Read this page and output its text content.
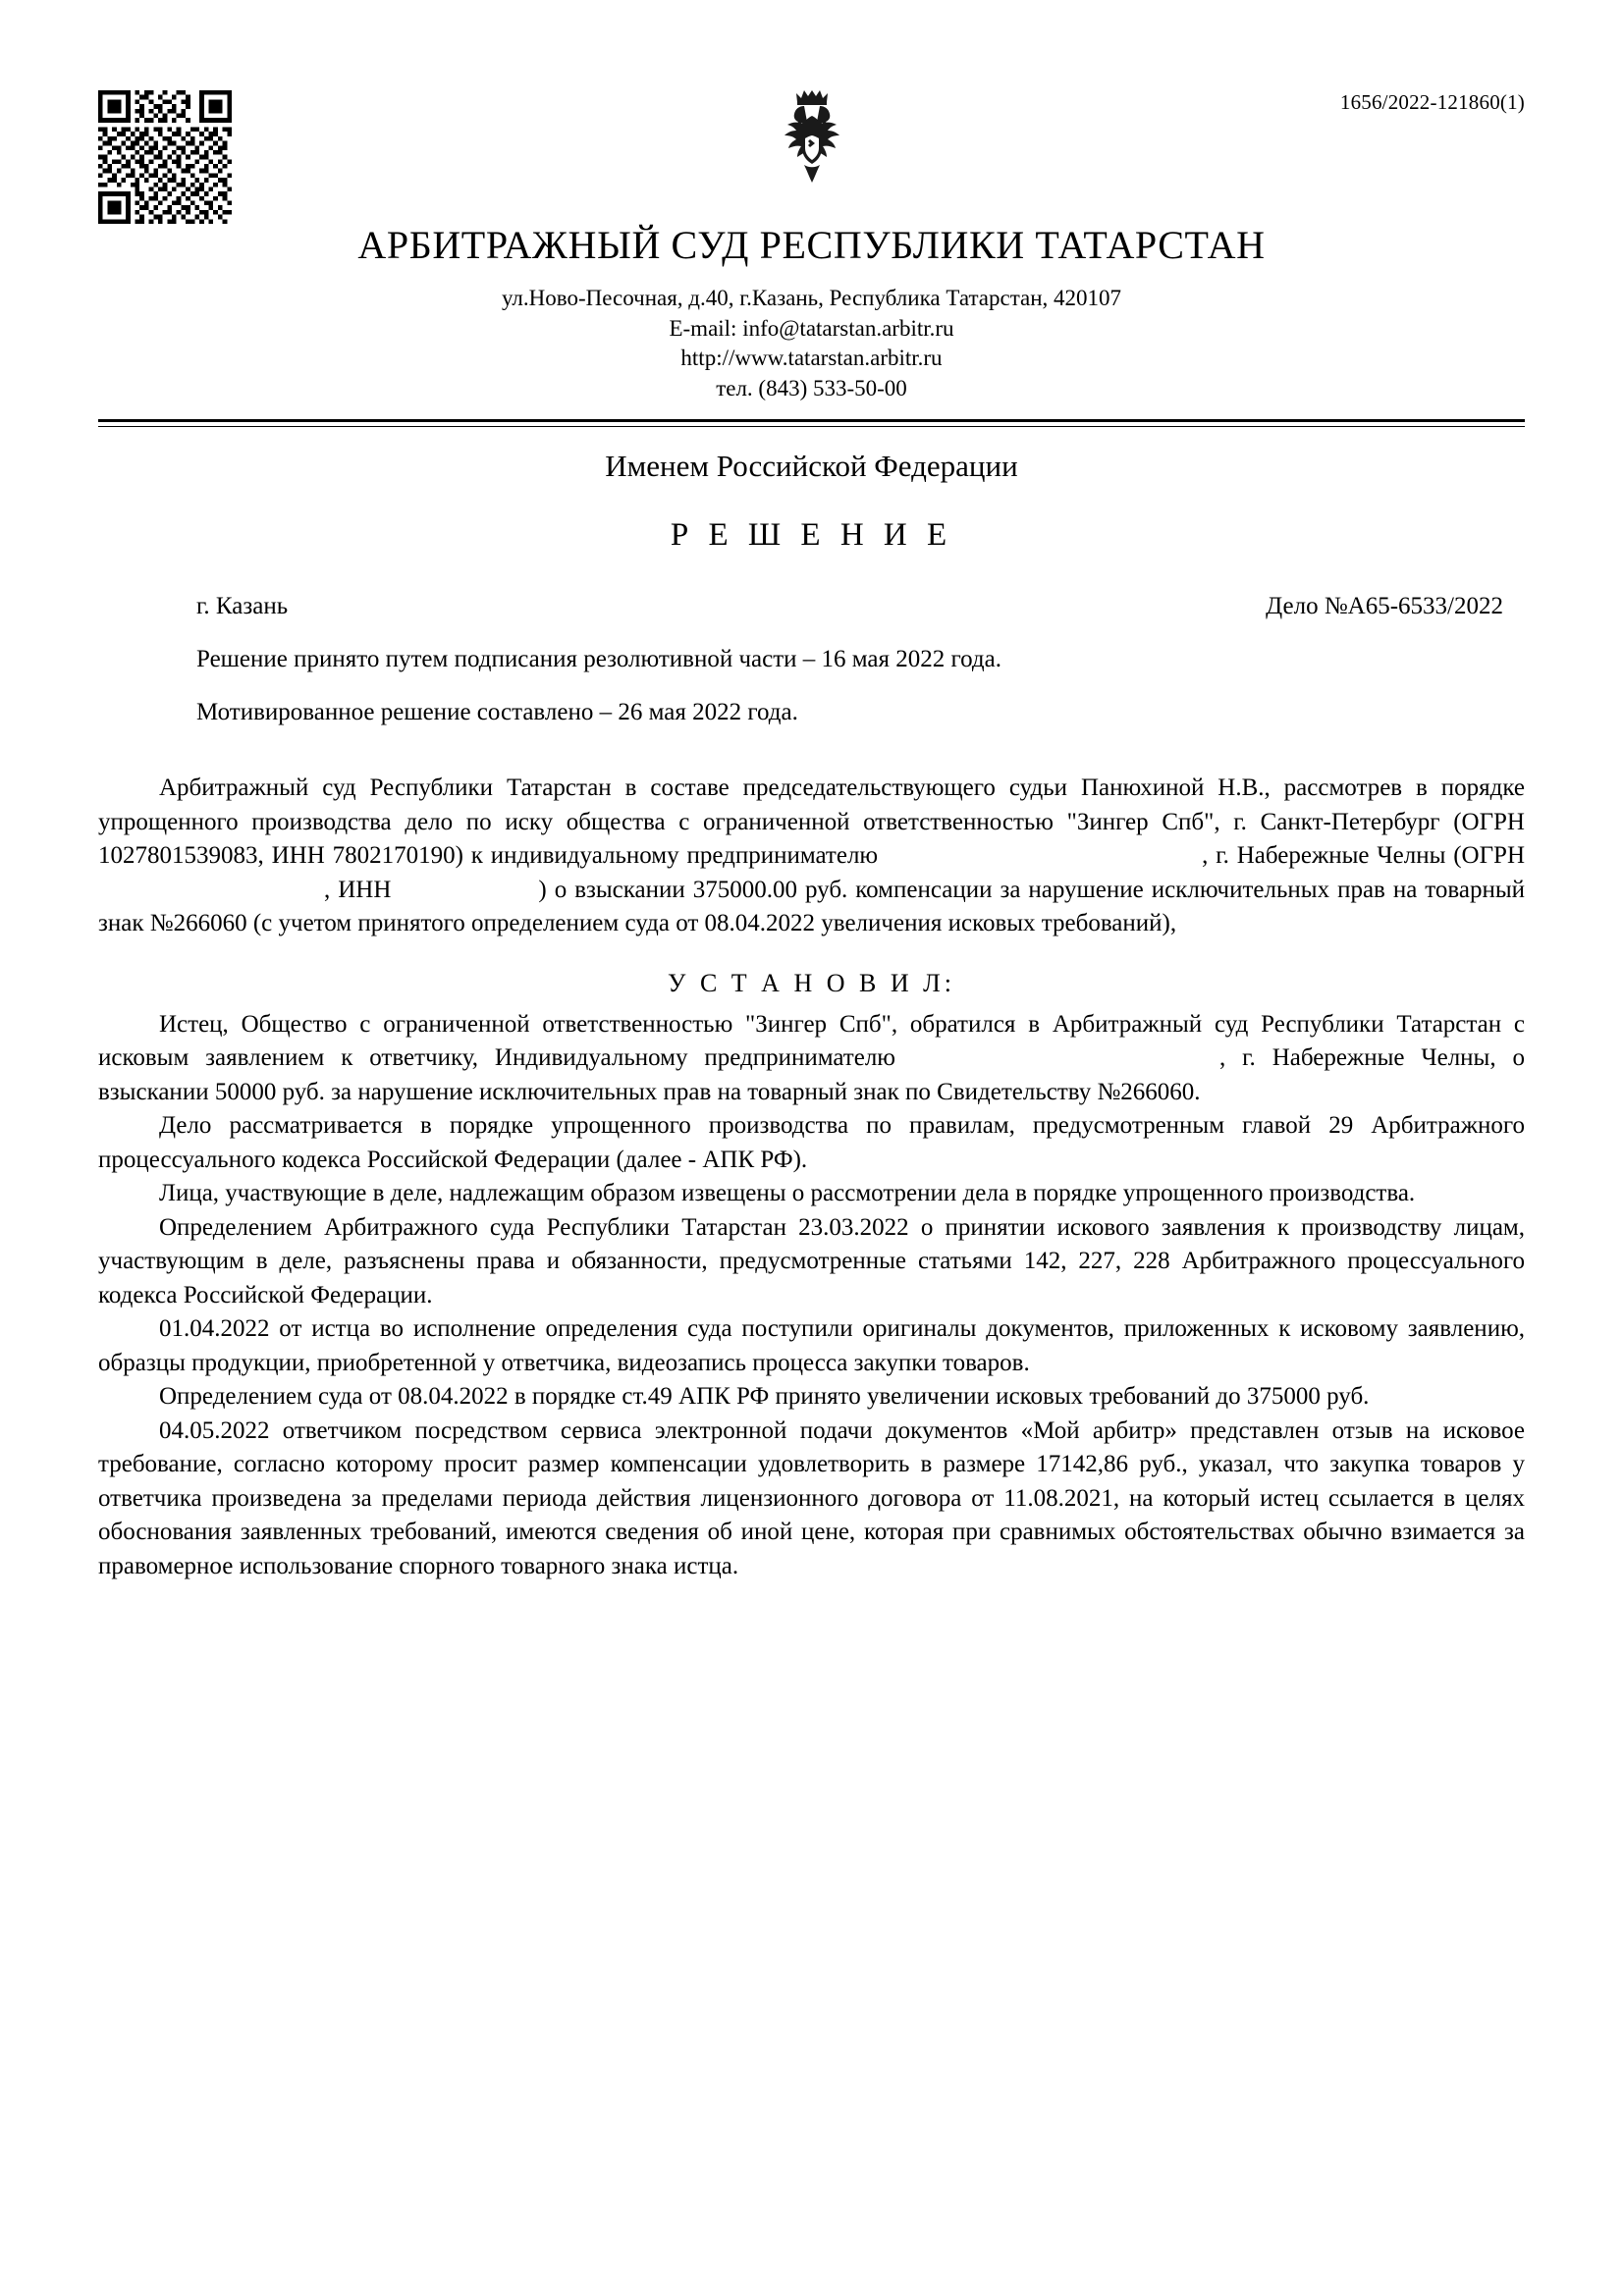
1656/2022-121860(1)
АРБИТРАЖНЫЙ СУД РЕСПУБЛИКИ ТАТАРСТАН
ул.Ново-Песочная, д.40, г.Казань, Республика Татарстан, 420107
E-mail: info@tatarstan.arbitr.ru
http://www.tatarstan.arbitr.ru
тел. (843) 533-50-00
Именем Российской Федерации
Р Е Ш Е Н И Е
г. Казань	Дело №А65-6533/2022
Решение принято путем подписания резолютивной части – 16 мая 2022 года.
Мотивированное решение составлено – 26 мая 2022 года.

Арбитражный суд Республики Татарстан в составе председательствующего судьи Панюхиной Н.В., рассмотрев в порядке упрощенного производства дело по иску общества с ограниченной ответственностью "Зингер Спб", г. Санкт-Петербург (ОГРН 1027801539083, ИНН 7802170190) к индивидуальному предпринимателю	, г. Набережные Челны (ОГРН , ИНН	) о взыскании 375000.00 руб. компенсации за нарушение исключительных прав на товарный знак №266060 (с учетом принятого определением суда от 08.04.2022 увеличения исковых требований),

У С Т А Н О В И Л:

Истец, Общество с ограниченной ответственностью "Зингер Спб", обратился в Арбитражный суд Республики Татарстан с исковым заявлением к ответчику, Индивидуальному предпринимателю	, г. Набережные Челны, о взыскании 50000 руб. за нарушение исключительных прав на товарный знак по Свидетельству №266060.

Дело рассматривается в порядке упрощенного производства по правилам, предусмотренным главой 29 Арбитражного процессуального кодекса Российской Федерации (далее - АПК РФ).

Лица, участвующие в деле, надлежащим образом извещены о рассмотрении дела в порядке упрощенного производства.

Определением Арбитражного суда Республики Татарстан 23.03.2022 о принятии искового заявления к производству лицам, участвующим в деле, разъяснены права и обязанности, предусмотренные статьями 142, 227, 228 Арбитражного процессуального кодекса Российской Федерации.

01.04.2022 от истца во исполнение определения суда поступили оригиналы документов, приложенных к исковому заявлению, образцы продукции, приобретенной у ответчика, видеозапись процесса закупки товаров.

Определением суда от 08.04.2022 в порядке ст.49 АПК РФ принято увеличении исковых требований до 375000 руб.

04.05.2022 ответчиком посредством сервиса электронной подачи документов «Мой арбитр» представлен отзыв на исковое требование, согласно которому просит размер компенсации удовлетворить в размере 17142,86 руб., указал, что закупка товаров у ответчика произведена за пределами периода действия лицензионного договора от 11.08.2021, на который истец ссылается в целях обоснования заявленных требований, имеются сведения об иной цене, которая при сравнимых обстоятельствах обычно взимается за правомерное использование спорного товарного знака истца.
